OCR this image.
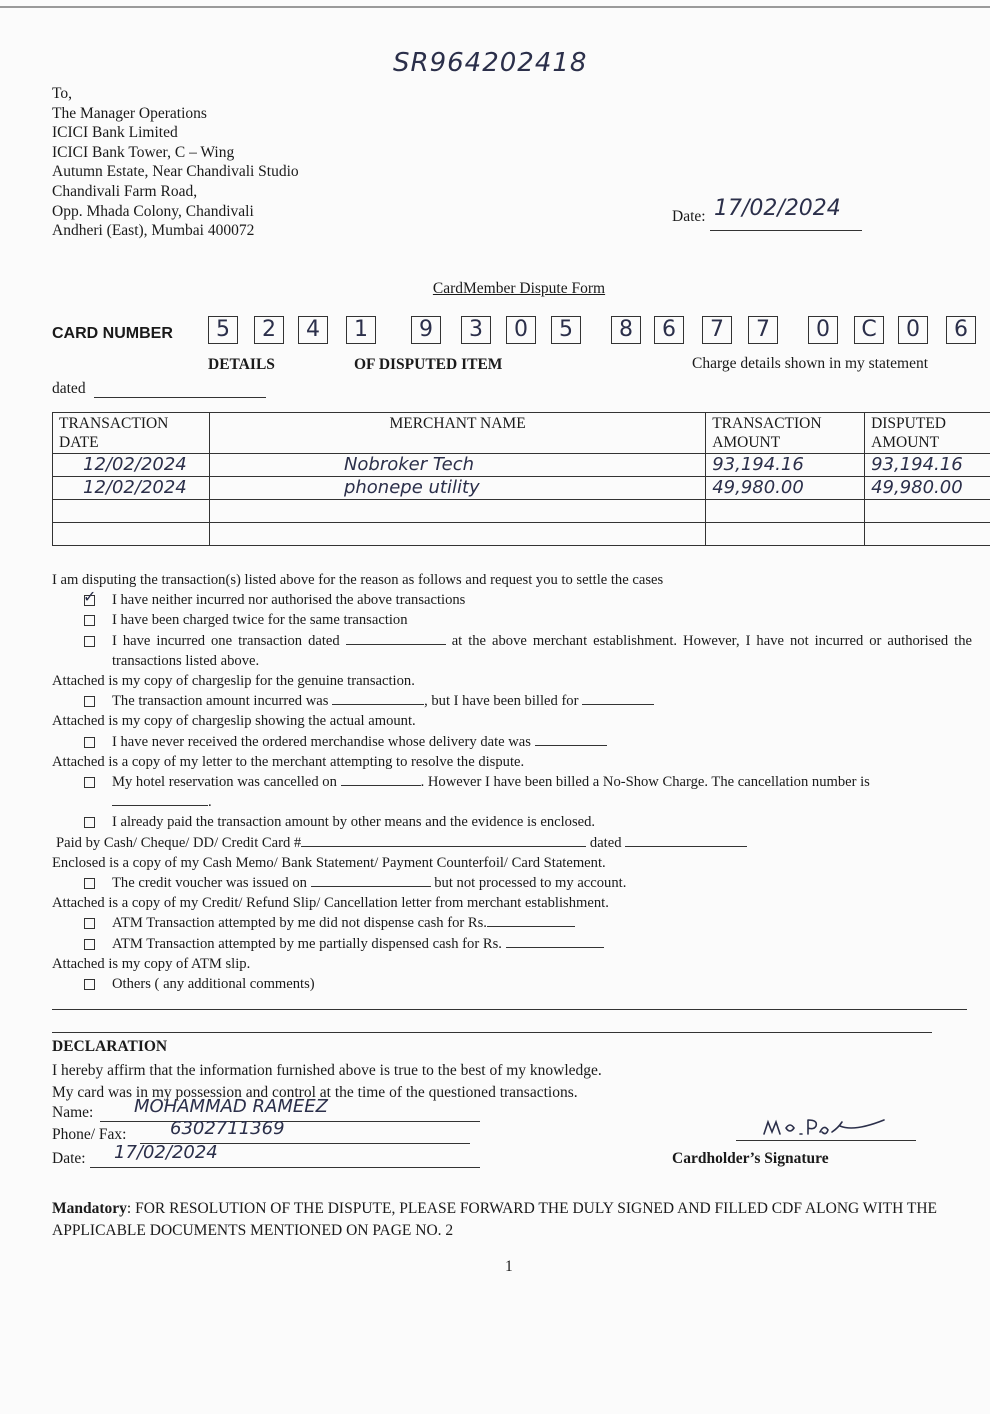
SR964202418
To,
The Manager Operations
ICICI Bank Limited
ICICI Bank Tower, C – Wing
Autumn Estate, Near Chandivali Studio
Chandivali Farm Road,
Opp. Mhada Colony, Chandivali
Andheri (East), Mumbai 400072
Date: 17/02/2024
CardMember Dispute Form
CARD NUMBER	5	2	4	1	9	3	0	5	8	6	7	7	0	C	0	6
DETAILS	OF DISPUTED ITEM	Charge details shown in my statement
dated
TRANSACTION DATE	MERCHANT NAME	TRANSACTION AMOUNT	DISPUTED AMOUNT
12/02/2024	Nobroker Tech	93,194.16	93,194.16
12/02/2024	phonepe utility	49,980.00	49,980.00

I am disputing the transaction(s) listed above for the reason as follows and request you to settle the cases

✓
I have neither incurred nor authorised the above transactions

I have been charged twice for the same transaction

I have incurred one transaction dated	at the above merchant establishment. However, I have not incurred or authorised the transactions listed above.

Attached is my copy of chargeslip for the genuine transaction.

The transaction amount incurred was	, but I have been billed for

Attached is my copy of chargeslip showing the actual amount.

I have never received the ordered merchandise whose delivery date was

Attached is a copy of my letter to the merchant attempting to resolve the dispute.

My hotel reservation was cancelled on	. However I have been billed a No-Show Charge. The cancellation number is

.

I already paid the transaction amount by other means and the evidence is enclosed.

Paid by Cash/ Cheque/ DD/ Credit Card #	dated

Enclosed is a copy of my Cash Memo/ Bank Statement/ Payment Counterfoil/ Card Statement.

The credit voucher was issued on	but not processed to my account.

Attached is a copy of my Credit/ Refund Slip/ Cancellation letter from merchant establishment.

ATM Transaction attempted by me did not dispense cash for Rs.

ATM Transaction attempted by me partially dispensed cash for Rs.

Attached is my copy of ATM slip.

Others ( any additional comments)

DECLARATION
I hereby affirm that the information furnished above is true to the best of my knowledge.
My card was in my possession and control at the time of the questioned transactions.
Name: MOHAMMAD RAMEEZ
Phone/ Fax: 6302711369
Date: 17/02/2024	Cardholder’s Signature
Mandatory: FOR RESOLUTION OF THE DISPUTE, PLEASE FORWARD THE DULY SIGNED AND FILLED CDF ALONG WITH THE APPLICABLE DOCUMENTS MENTIONED ON PAGE NO. 2
1
